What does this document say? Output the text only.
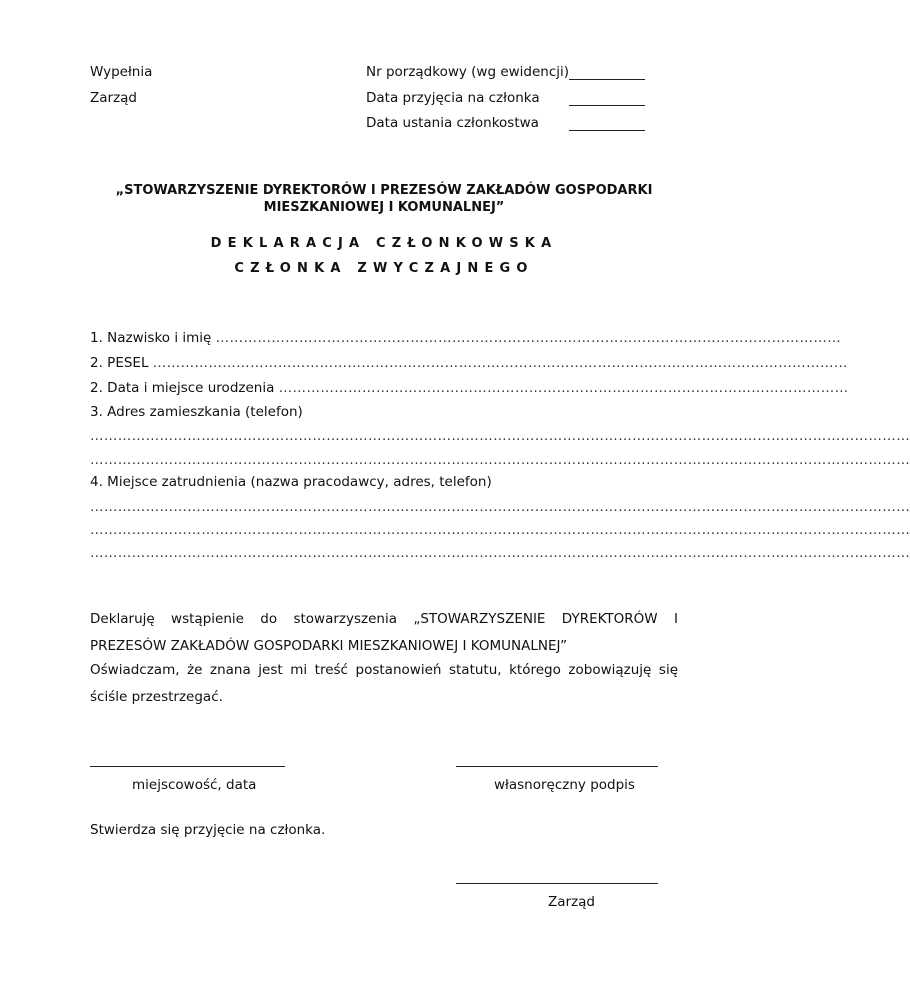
Wypełnia
Zarząd
Nr porządkowy (wg ewidencji)
Data przyjęcia na członka
Data ustania członkostwa
„STOWARZYSZENIE DYREKTORÓW I PREZESÓW ZAKŁADÓW GOSPODARKI
MIESZKANIOWEJ I KOMUNALNEJ”
DEKLARACJA CZŁONKOWSKA
CZŁONKA ZWYCZAJNEGO
1. Nazwisko i imię ………………………………………………………………………………………………………………………
2. PESEL ……………………………………………………………………………………………………………………………………
2. Data i miejsce urodzenia ……………………………………………………………………………………………………………
3. Adres zamieszkania (telefon)
……………………………………………………………………………………………………………………………………………………………
……………………………………………………………………………………………………………………………………………………………
4. Miejsce zatrudnienia (nazwa pracodawcy, adres, telefon)
……………………………………………………………………………………………………………………………………………………………
……………………………………………………………………………………………………………………………………………………………
……………………………………………………………………………………………………………………………………………………………
Deklaruję wstąpienie do stowarzyszenia „STOWARZYSZENIE DYREKTORÓW I PREZESÓW ZAKŁADÓW GOSPODARKI MIESZKANIOWEJ I KOMUNALNEJ”
Oświadczam, że znana jest mi treść postanowień statutu, którego zobowiązuję się ściśle przestrzegać.
miejscowość, data	własnoręczny podpis
Stwierdza się przyjęcie na członka.
Zarząd
